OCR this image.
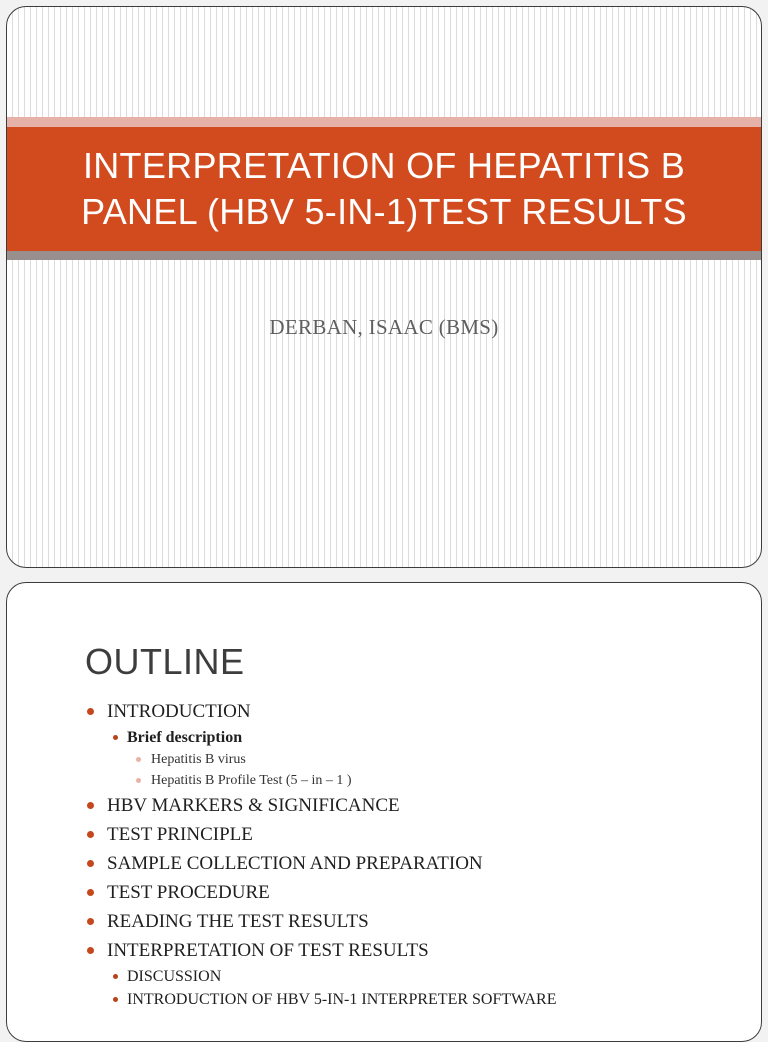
INTERPRETATION OF HEPATITIS B
PANEL (HBV 5-IN-1)TEST RESULTS
DERBAN, ISAAC (BMS)
OUTLINE
INTRODUCTION
Brief description
Hepatitis B virus
Hepatitis B Profile Test (5 – in – 1 )
HBV MARKERS & SIGNIFICANCE
TEST PRINCIPLE
SAMPLE COLLECTION AND PREPARATION
TEST PROCEDURE
READING THE TEST RESULTS
INTERPRETATION OF TEST RESULTS
DISCUSSION
INTRODUCTION OF HBV 5-IN-1 INTERPRETER SOFTWARE
